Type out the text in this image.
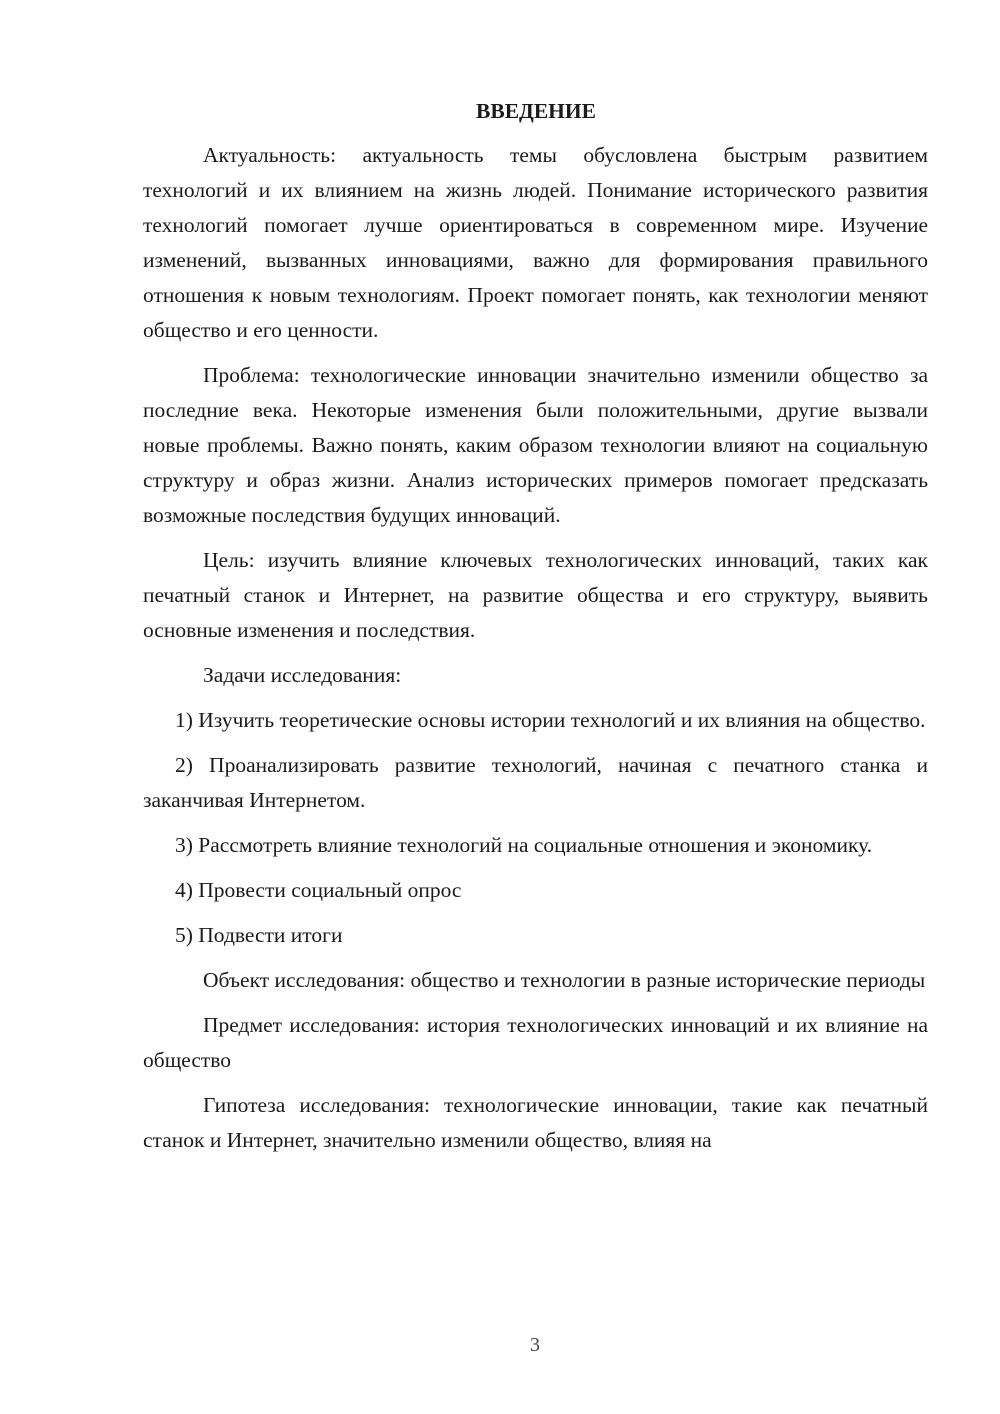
ВВЕДЕНИЕ

Актуальность: актуальность темы обусловлена быстрым развитием технологий и их влиянием на жизнь людей. Понимание исторического развития технологий помогает лучше ориентироваться в современном мире. Изучение изменений, вызванных инновациями, важно для формирования правильного отношения к новым технологиям. Проект помогает понять, как технологии меняют общество и его ценности.

Проблема: технологические инновации значительно изменили общество за последние века. Некоторые изменения были положительными, другие вызвали новые проблемы. Важно понять, каким образом технологии влияют на социальную структуру и образ жизни. Анализ исторических примеров помогает предсказать возможные последствия будущих инноваций.

Цель: изучить влияние ключевых технологических инноваций, таких как печатный станок и Интернет, на развитие общества и его структуру, выявить основные изменения и последствия.

Задачи исследования:

1) Изучить теоретические основы истории технологий и их влияния на общество.

2) Проанализировать развитие технологий, начиная с печатного станка и заканчивая Интернетом.

3) Рассмотреть влияние технологий на социальные отношения и экономику.

4) Провести социальный опрос

5) Подвести итоги

Объект исследования: общество и технологии в разные исторические периоды

Предмет исследования: история технологических инноваций и их влияние на общество

Гипотеза исследования: технологические инновации, такие как печатный станок и Интернет, значительно изменили общество, влияя на

3
